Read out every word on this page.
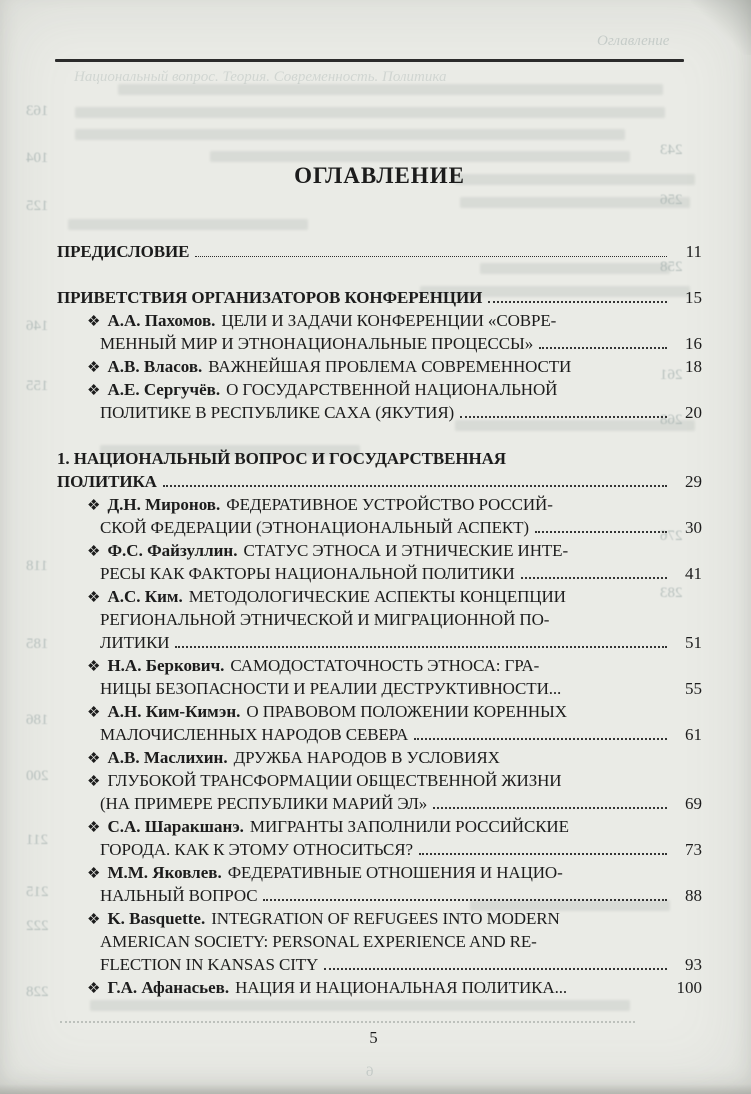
Оглавление
Национальный вопрос. Теория. Современность. Политика
6
163
104
125
146
155
118
185
186
200
211
215
222
228
243
256
258
261
268
276
283
ОГЛАВЛЕНИЕ
ПРЕДИСЛОВИЕ	11
ПРИВЕТСТВИЯ ОРГАНИЗАТОРОВ КОНФЕРЕНЦИИ	15
❖ А.А. Пахомов. ЦЕЛИ И ЗАДАЧИ КОНФЕРЕНЦИИ «СОВРЕ-
МЕННЫЙ МИР И ЭТНОНАЦИОНАЛЬНЫЕ ПРОЦЕССЫ»	16
❖ А.В. Власов. ВАЖНЕЙШАЯ ПРОБЛЕМА СОВРЕМЕННОСТИ	18
❖ А.Е. Сергучёв. О ГОСУДАРСТВЕННОЙ НАЦИОНАЛЬНОЙ
ПОЛИТИКЕ В РЕСПУБЛИКЕ САХА (ЯКУТИЯ)	20
1. НАЦИОНАЛЬНЫЙ ВОПРОС И ГОСУДАРСТВЕННАЯ
ПОЛИТИКА	29
❖ Д.Н. Миронов. ФЕДЕРАТИВНОЕ УСТРОЙСТВО РОССИЙ-
СКОЙ ФЕДЕРАЦИИ (ЭТНОНАЦИОНАЛЬНЫЙ АСПЕКТ)	30
❖ Ф.С. Файзуллин. СТАТУС ЭТНОСА И ЭТНИЧЕСКИЕ ИНТЕ-
РЕСЫ КАК ФАКТОРЫ НАЦИОНАЛЬНОЙ ПОЛИТИКИ	41
❖ А.С. Ким. МЕТОДОЛОГИЧЕСКИЕ АСПЕКТЫ КОНЦЕПЦИИ
РЕГИОНАЛЬНОЙ ЭТНИЧЕСКОЙ И МИГРАЦИОННОЙ ПО-
ЛИТИКИ	51
❖ Н.А. Беркович. САМОДОСТАТОЧНОСТЬ ЭТНОСА: ГРА-
НИЦЫ БЕЗОПАСНОСТИ И РЕАЛИИ ДЕСТРУКТИВНОСТИ...	55
❖ А.Н. Ким-Кимэн. О ПРАВОВОМ ПОЛОЖЕНИИ КОРЕННЫХ
МАЛОЧИСЛЕННЫХ НАРОДОВ СЕВЕРА	61
❖ А.В. Маслихин. ДРУЖБА НАРОДОВ В УСЛОВИЯХ
❖ ГЛУБОКОЙ ТРАНСФОРМАЦИИ ОБЩЕСТВЕННОЙ ЖИЗНИ
(НА ПРИМЕРЕ РЕСПУБЛИКИ МАРИЙ ЭЛ»	69
❖ С.А. Шаракшанэ. МИГРАНТЫ ЗАПОЛНИЛИ РОССИЙСКИЕ
ГОРОДА. КАК К ЭТОМУ ОТНОСИТЬСЯ?	73
❖ М.М. Яковлев. ФЕДЕРАТИВНЫЕ ОТНОШЕНИЯ И НАЦИО-
НАЛЬНЫЙ ВОПРОС	88
❖ K. Basquette. INTEGRATION OF REFUGEES INTO MODERN
AMERICAN SOCIETY: PERSONAL EXPERIENCE AND RE-
FLECTION IN KANSAS CITY	93
❖ Г.А. Афанасьев. НАЦИЯ И НАЦИОНАЛЬНАЯ ПОЛИТИКА...	100
5
